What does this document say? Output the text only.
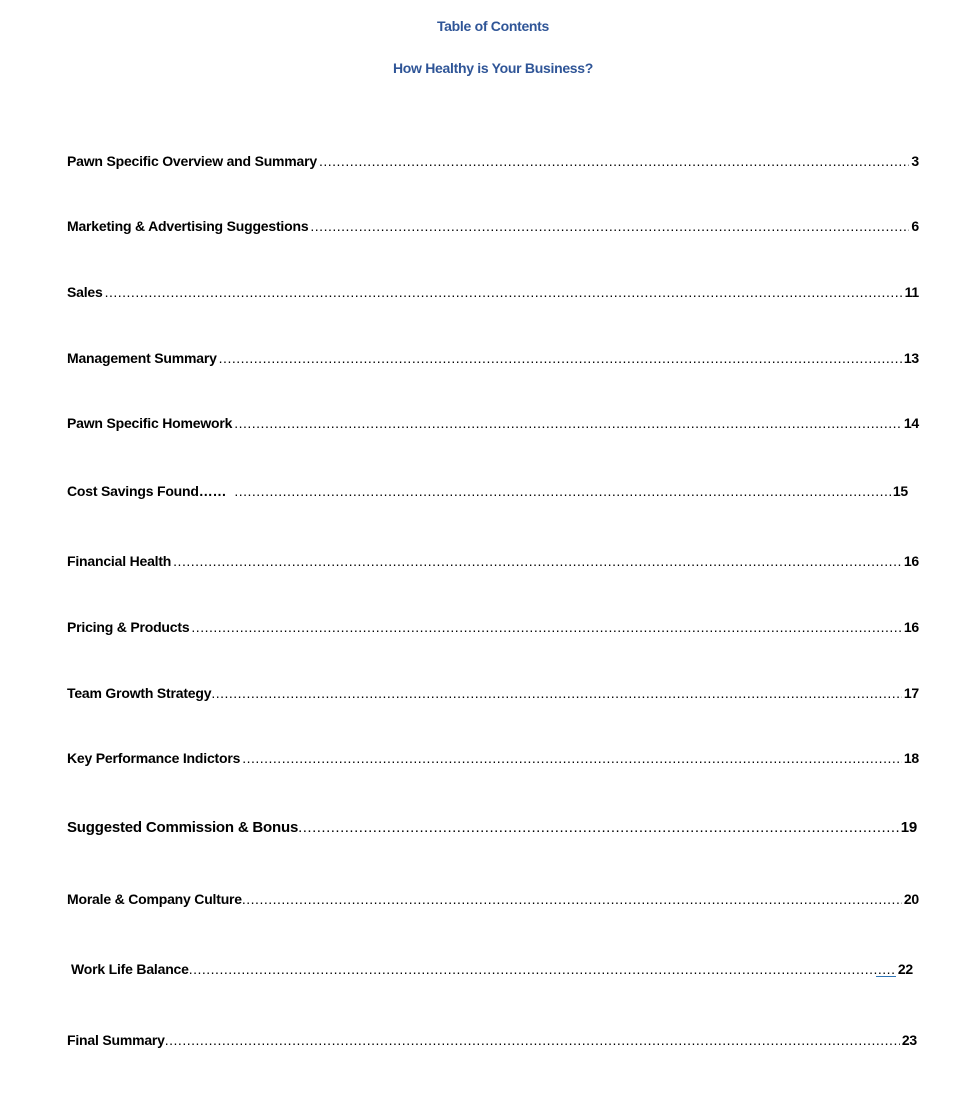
Table of Contents
How Healthy is Your Business?
Pawn Specific Overview and Summary .....	3
Marketing & Advertising Suggestions .....	6
Sales .....	11
Management Summary .....	13
Pawn Specific Homework .....	14
Cost Savings Found…… .....	15
Financial Health .....	16
Pricing & Products .....	16
Team Growth Strategy .....	17
Key Performance Indictors .....	18
Suggested Commission & Bonus .....	19
Morale & Company Culture .....	20
Work Life Balance .....	22
Final Summary .....	23
